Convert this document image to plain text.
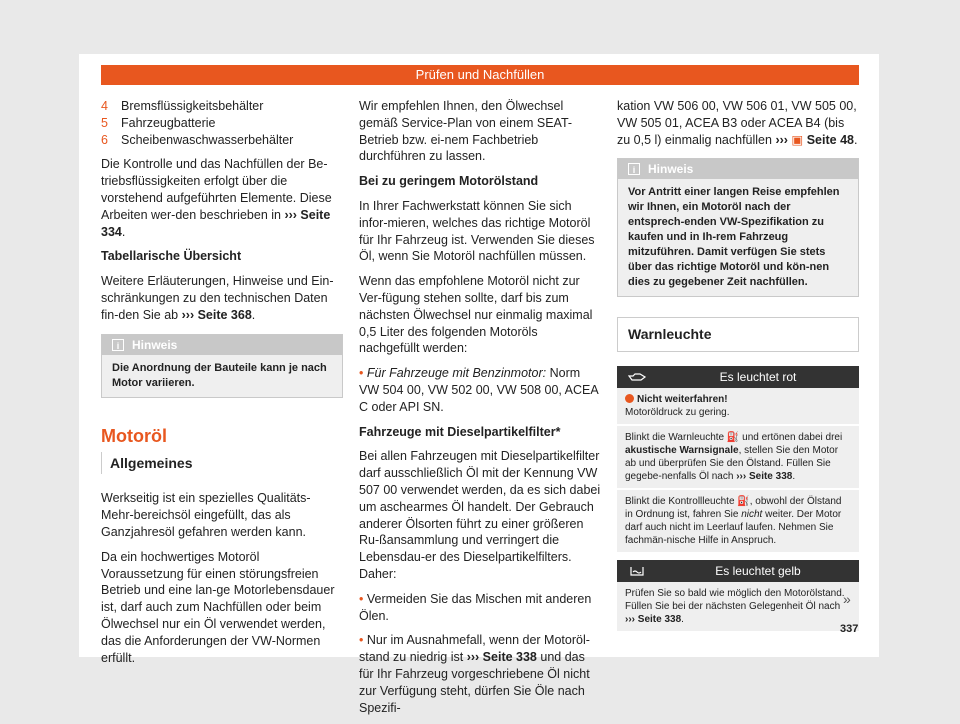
Prüfen und Nachfüllen
4	Bremsflüssigkeitsbehälter
5	Fahrzeugbatterie
6	Scheibenwaschwasserbehälter

Die Kontrolle und das Nachfüllen der Be-triebsflüssigkeiten erfolgt über die vorstehend aufgeführten Elemente. Diese Arbeiten wer-den beschrieben in ››› Seite 334.

Tabellarische Übersicht

Weitere Erläuterungen, Hinweise und Ein-schränkungen zu den technischen Daten fin-den Sie ab ››› Seite 368.

i	Hinweis
Die Anordnung der Bauteile kann je nach Motor variieren.
Motoröl
Allgemeines

Werkseitig ist ein spezielles Qualitäts-Mehr-bereichsöl eingefüllt, das als Ganzjahresöl gefahren werden kann.

Da ein hochwertiges Motoröl Voraussetzung für einen störungsfreien Betrieb und eine lan-ge Motorlebensdauer ist, darf auch zum Nachfüllen oder beim Ölwechsel nur ein Öl verwendet werden, das die Anforderungen der VW-Normen erfüllt.

Wir empfehlen Ihnen, den Ölwechsel gemäß Service-Plan von einem SEAT-Betrieb bzw. ei-nem Fachbetrieb durchführen zu lassen.

Bei zu geringem Motorölstand

In Ihrer Fachwerkstatt können Sie sich infor-mieren, welches das richtige Motoröl für Ihr Fahrzeug ist. Verwenden Sie dieses Öl, wenn Sie Motoröl nachfüllen müssen.

Wenn das empfohlene Motoröl nicht zur Ver-fügung stehen sollte, darf bis zum nächsten Ölwechsel nur einmalig maximal 0,5 Liter des folgenden Motoröls nachgefüllt werden:

• Für Fahrzeuge mit Benzinmotor: Norm VW 504 00, VW 502 00, VW 508 00, ACEA C oder API SN.

Fahrzeuge mit Dieselpartikelfilter*

Bei allen Fahrzeugen mit Dieselpartikelfilter darf ausschließlich Öl mit der Kennung VW 507 00 verwendet werden, da es sich dabei um aschearmes Öl handelt. Der Gebrauch anderer Ölsorten führt zu einer größeren Ru-ßansammlung und verringert die Lebensdau-er des Dieselpartikelfilters. Daher:

• Vermeiden Sie das Mischen mit anderen Ölen.

• Nur im Ausnahmefall, wenn der Motoröl-stand zu niedrig ist ››› Seite 338 und das für Ihr Fahrzeug vorgeschriebene Öl nicht zur Verfügung steht, dürfen Sie Öle nach Spezifi-

kation VW 506 00, VW 506 01, VW 505 00, VW 505 01, ACEA B3 oder ACEA B4 (bis zu 0,5 l) einmalig nachfüllen ››› ▣ Seite 48.

i	Hinweis
Vor Antritt einer langen Reise empfehlen wir Ihnen, ein Motoröl nach der entsprech-enden VW-Spezifikation zu kaufen und in Ih-rem Fahrzeug mitzuführen. Damit verfügen Sie stets über das richtige Motoröl und kön-nen dies zu gegebener Zeit nachfüllen.
Warnleuchte
Es leuchtet rot
Nicht weiterfahren!
Motoröldruck zu gering.
Blinkt die Warnleuchte ⛽ und ertönen dabei drei akustische Warnsignale, stellen Sie den Motor ab und überprüfen Sie den Ölstand. Füllen Sie gegebe-nenfalls Öl nach ››› Seite 338.
Blinkt die Kontrollleuchte ⛽, obwohl der Ölstand in Ordnung ist, fahren Sie nicht weiter. Der Motor darf auch nicht im Leerlauf laufen. Nehmen Sie fachmän-nische Hilfe in Anspruch.
Es leuchtet gelb
Prüfen Sie so bald wie möglich den Motorölstand. Füllen Sie bei der nächsten Gelegenheit Öl nach
››› Seite 338.
»
337
